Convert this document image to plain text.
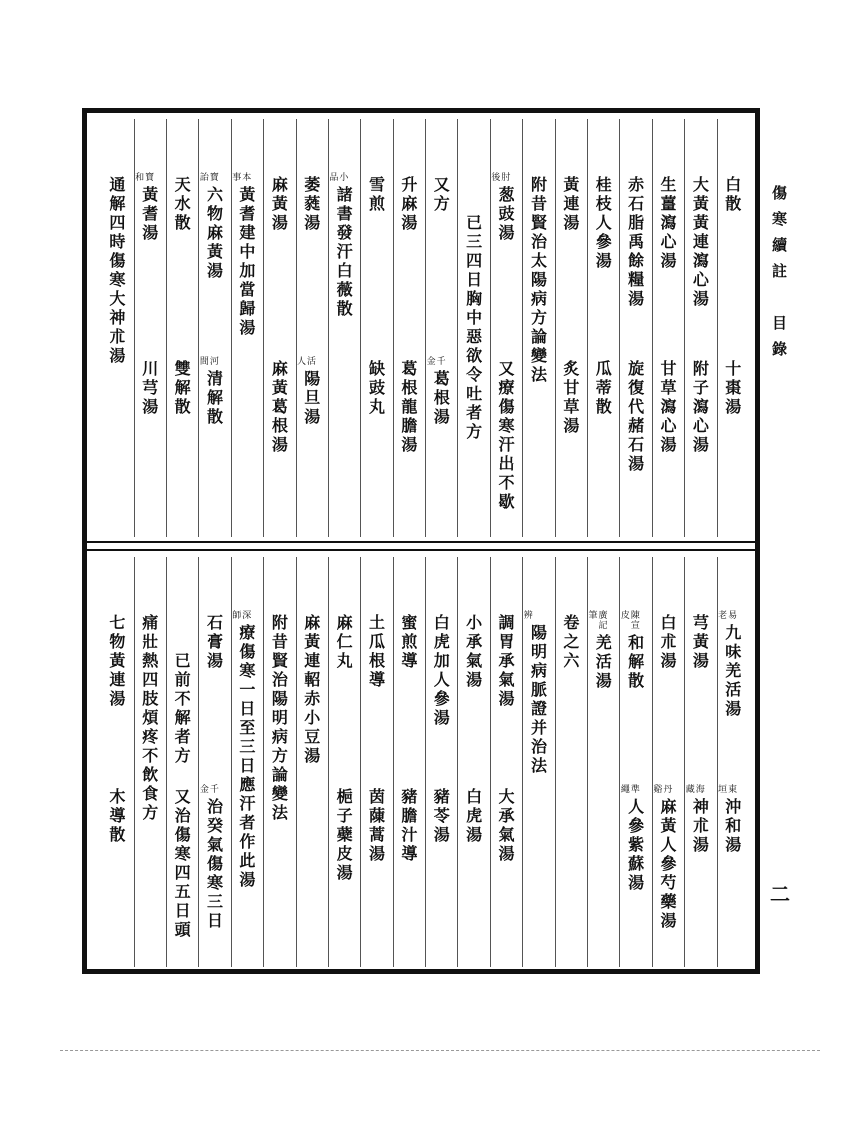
白
散
十
棗
湯
大
黃
黃
連
瀉
心
湯
附
子
瀉
心
湯
生
薑
瀉
心
湯
甘
草
瀉
心
湯
赤
石
脂
禹
餘
糧
湯
旋
復
代
赭
石
湯
桂
枝
人
參
湯
瓜
蒂
散
黃
連
湯
炙
甘
草
湯
附
昔
賢
治
太
陽
病
方
論
變
法
後 肘
葱
豉
湯
又
療
傷
寒
汗
出
不
歇
已
三
四
日
胸
中
惡
欲
令
吐
者
方
又
方
金 千
葛
根
湯
升
麻
湯
葛
根
龍
膽
湯
雪
煎
缺
豉
丸
品 小
諸
書
發
汗
白
薇
散
萎
蕤
湯
人 活
陽
旦
湯
麻
黃
湯
麻
黃
葛
根
湯
事 本
黃
耆
建
中
加
當
歸
湯
詒 寶
六
物
麻
黃
湯
間 河
清
解
散
天
水
散
雙
解
散
和 寶
黃
耆
湯
川
芎
湯
通
解
四
時
傷
寒
大
神
朮
湯
老 易
九
味
羌
活
湯
垣 東
沖
和
湯
芎
黃
湯
藏 海
神
朮
湯
白
朮
湯
谿 丹
麻
黃
人
參
芍
藥
湯
皮 陳
宣
和
解
散
繩 準
人
參
紫
蘇
湯
筆 廣
記
羌
活
湯
卷
之
六
辨
陽
明
病
脈
證
并
治
法
調
胃
承
氣
湯
大
承
氣
湯
小
承
氣
湯
白
虎
湯
白
虎
加
人
參
湯
豬
苓
湯
蜜
煎
導
豬
膽
汁
導
土
瓜
根
導
茵
蔯
蒿
湯
麻
仁
丸
梔
子
蘗
皮
湯
麻
黃
連
軺
赤
小
豆
湯
附
昔
賢
治
陽
明
病
方
論
變
法
師 深
療
傷
寒
一
日
至
三
日
應
汗
者
作
此
湯
石
膏
湯
金 千
治
癸
氣
傷
寒
三
日
已
前
不
解
者
方
又
治
傷
寒
四
五
日
頭
痛
壯
熱
四
肢
煩
疼
不
飲
食
方
七
物
黃
連
湯
木
導
散
傷
寒
續
註
目
錄
二
